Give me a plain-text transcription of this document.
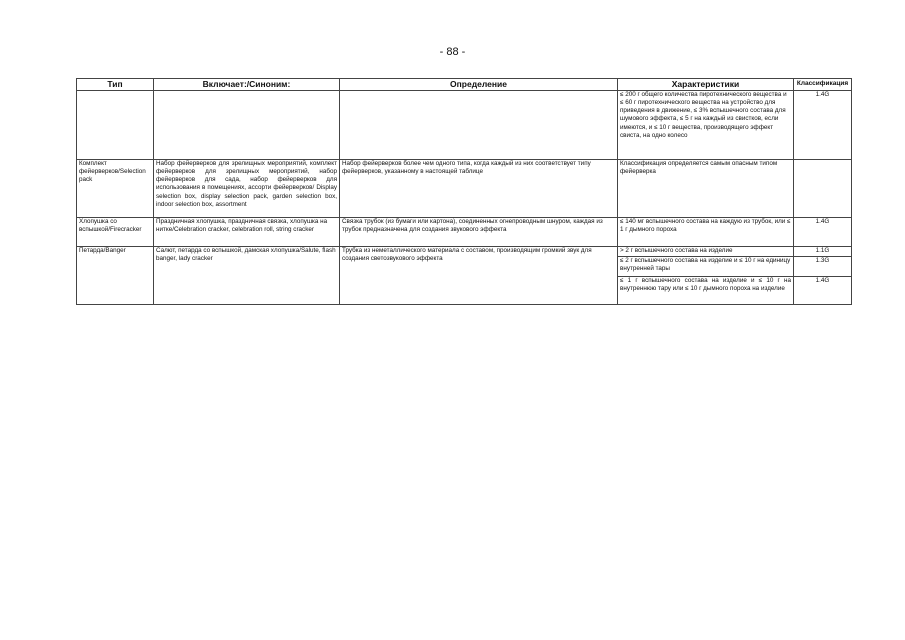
- 88 -
Тип	Включает:/Синоним:	Определение	Характеристики	Классификация
			≤ 200 г общего количества пиротехнического вещества и ≤ 60 г пиротехнического вещества на устройство для приведения в движение, ≤ 3% вспышечного состава для шумового эффекта, ≤ 5 г на каждый из свистков, если имеются, и ≤ 10 г вещества, производящего эффект свиста, на одно колесо	1.4G
Комплект фейерверков/Selection pack	Набор фейерверков для зрелищных мероприятий, комплект фейерверков для зрелищных мероприятий, набор фейерверков для сада, набор фейерверков для использования в помещениях, ассорти фейерверков/ Display selection box, display selection pack, garden selection box, indoor selection box, assortment	Набор фейерверков более чем одного типа, когда каждый из них соответствует типу фейерверков, указанному в настоящей таблице	Классификация определяется самым опасным типом фейерверка	
Хлопушка со вспышкой/Firecracker	Праздничная хлопушка, праздничная связка, хлопушка на нитке/Celebration cracker, celebration roll, string cracker	Связка трубок (из бумаги или картона), соединенных огнепроводным шнуром, каждая из трубок предназначена для создания звукового эффекта	≤ 140 мг вспышечного состава на каждую из трубок, или ≤ 1 г дымного пороха	1.4G
Петарда/Banger	Салют, петарда со вспышкой, дамская хлопушка/Salute, flash banger, lady cracker	Трубка из неметаллического материала с составом, производящим громкий звук для создания светозвукового эффекта	> 2 г вспышечного состава на изделие	1.1G
			≤ 2 г вспышечного состава на изделие и ≤ 10 г на единицу внутренней тары	1.3G
			≤ 1 г вспышечного состава на изделие и ≤ 10 г на внутреннюю тару или ≤ 10 г дымного пороха на изделие	1.4G
